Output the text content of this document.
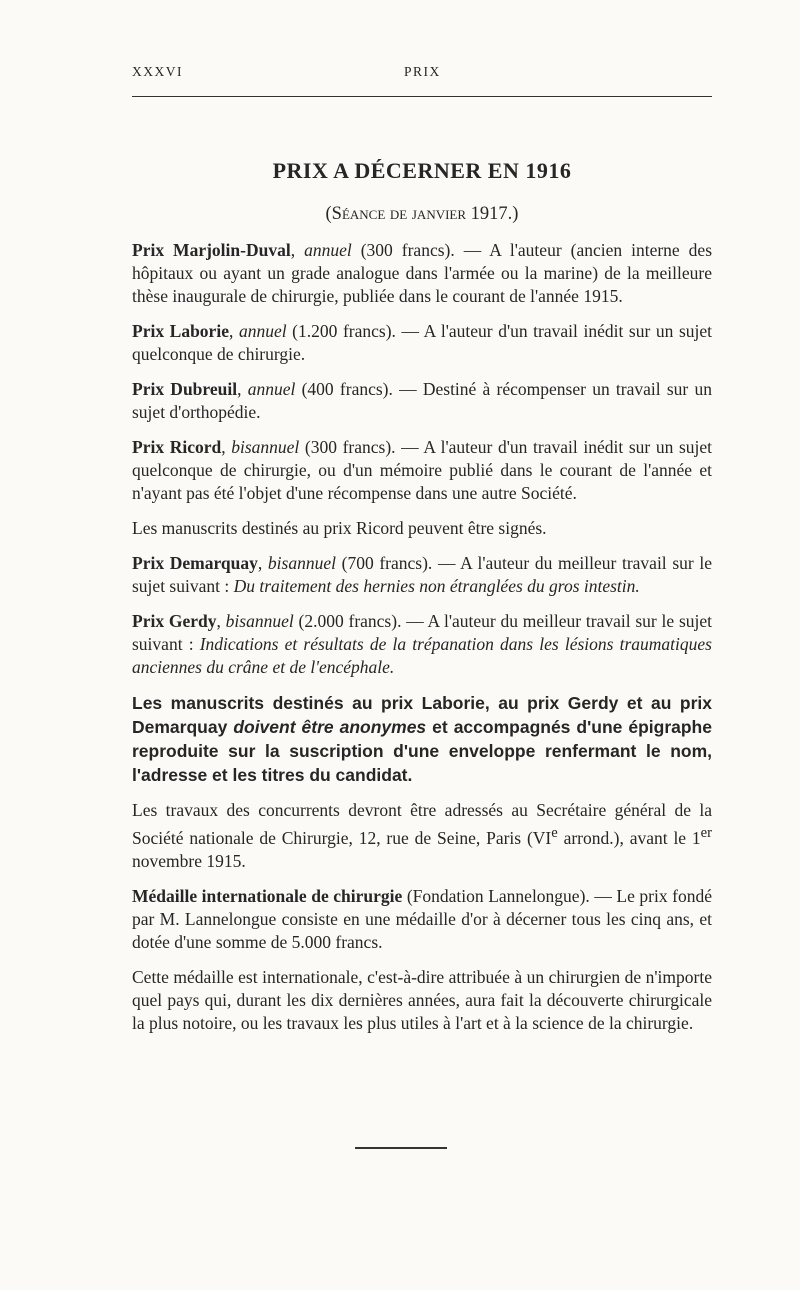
XXXVI	PRIX
PRIX A DÉCERNER EN 1916
(Séance de janvier 1917.)

Prix Marjolin-Duval, annuel (300 francs). — A l'auteur (ancien interne des hôpitaux ou ayant un grade analogue dans l'armée ou la marine) de la meilleure thèse inaugurale de chirurgie, publiée dans le courant de l'année 1915.

Prix Laborie, annuel (1.200 francs). — A l'auteur d'un travail inédit sur un sujet quelconque de chirurgie.

Prix Dubreuil, annuel (400 francs). — Destiné à récompenser un travail sur un sujet d'orthopédie.

Prix Ricord, bisannuel (300 francs). — A l'auteur d'un travail inédit sur un sujet quelconque de chirurgie, ou d'un mémoire publié dans le courant de l'année et n'ayant pas été l'objet d'une récompense dans une autre Société.

Les manuscrits destinés au prix Ricord peuvent être signés.

Prix Demarquay, bisannuel (700 francs). — A l'auteur du meilleur travail sur le sujet suivant : Du traitement des hernies non étranglées du gros intestin.

Prix Gerdy, bisannuel (2.000 francs). — A l'auteur du meilleur travail sur le sujet suivant : Indications et résultats de la trépanation dans les lésions traumatiques anciennes du crâne et de l'encéphale.

Les manuscrits destinés au prix Laborie, au prix Gerdy et au prix Demarquay doivent être anonymes et accompagnés d'une épigraphe reproduite sur la suscription d'une enveloppe renfermant le nom, l'adresse et les titres du candidat.

Les travaux des concurrents devront être adressés au Secrétaire général de la Société nationale de Chirurgie, 12, rue de Seine, Paris (VIe arrond.), avant le 1er novembre 1915.

Médaille internationale de chirurgie (Fondation Lannelongue). — Le prix fondé par M. Lannelongue consiste en une médaille d'or à décerner tous les cinq ans, et dotée d'une somme de 5.000 francs.

Cette médaille est internationale, c'est-à-dire attribuée à un chirurgien de n'importe quel pays qui, durant les dix dernières années, aura fait la découverte chirurgicale la plus notoire, ou les travaux les plus utiles à l'art et à la science de la chirurgie.
